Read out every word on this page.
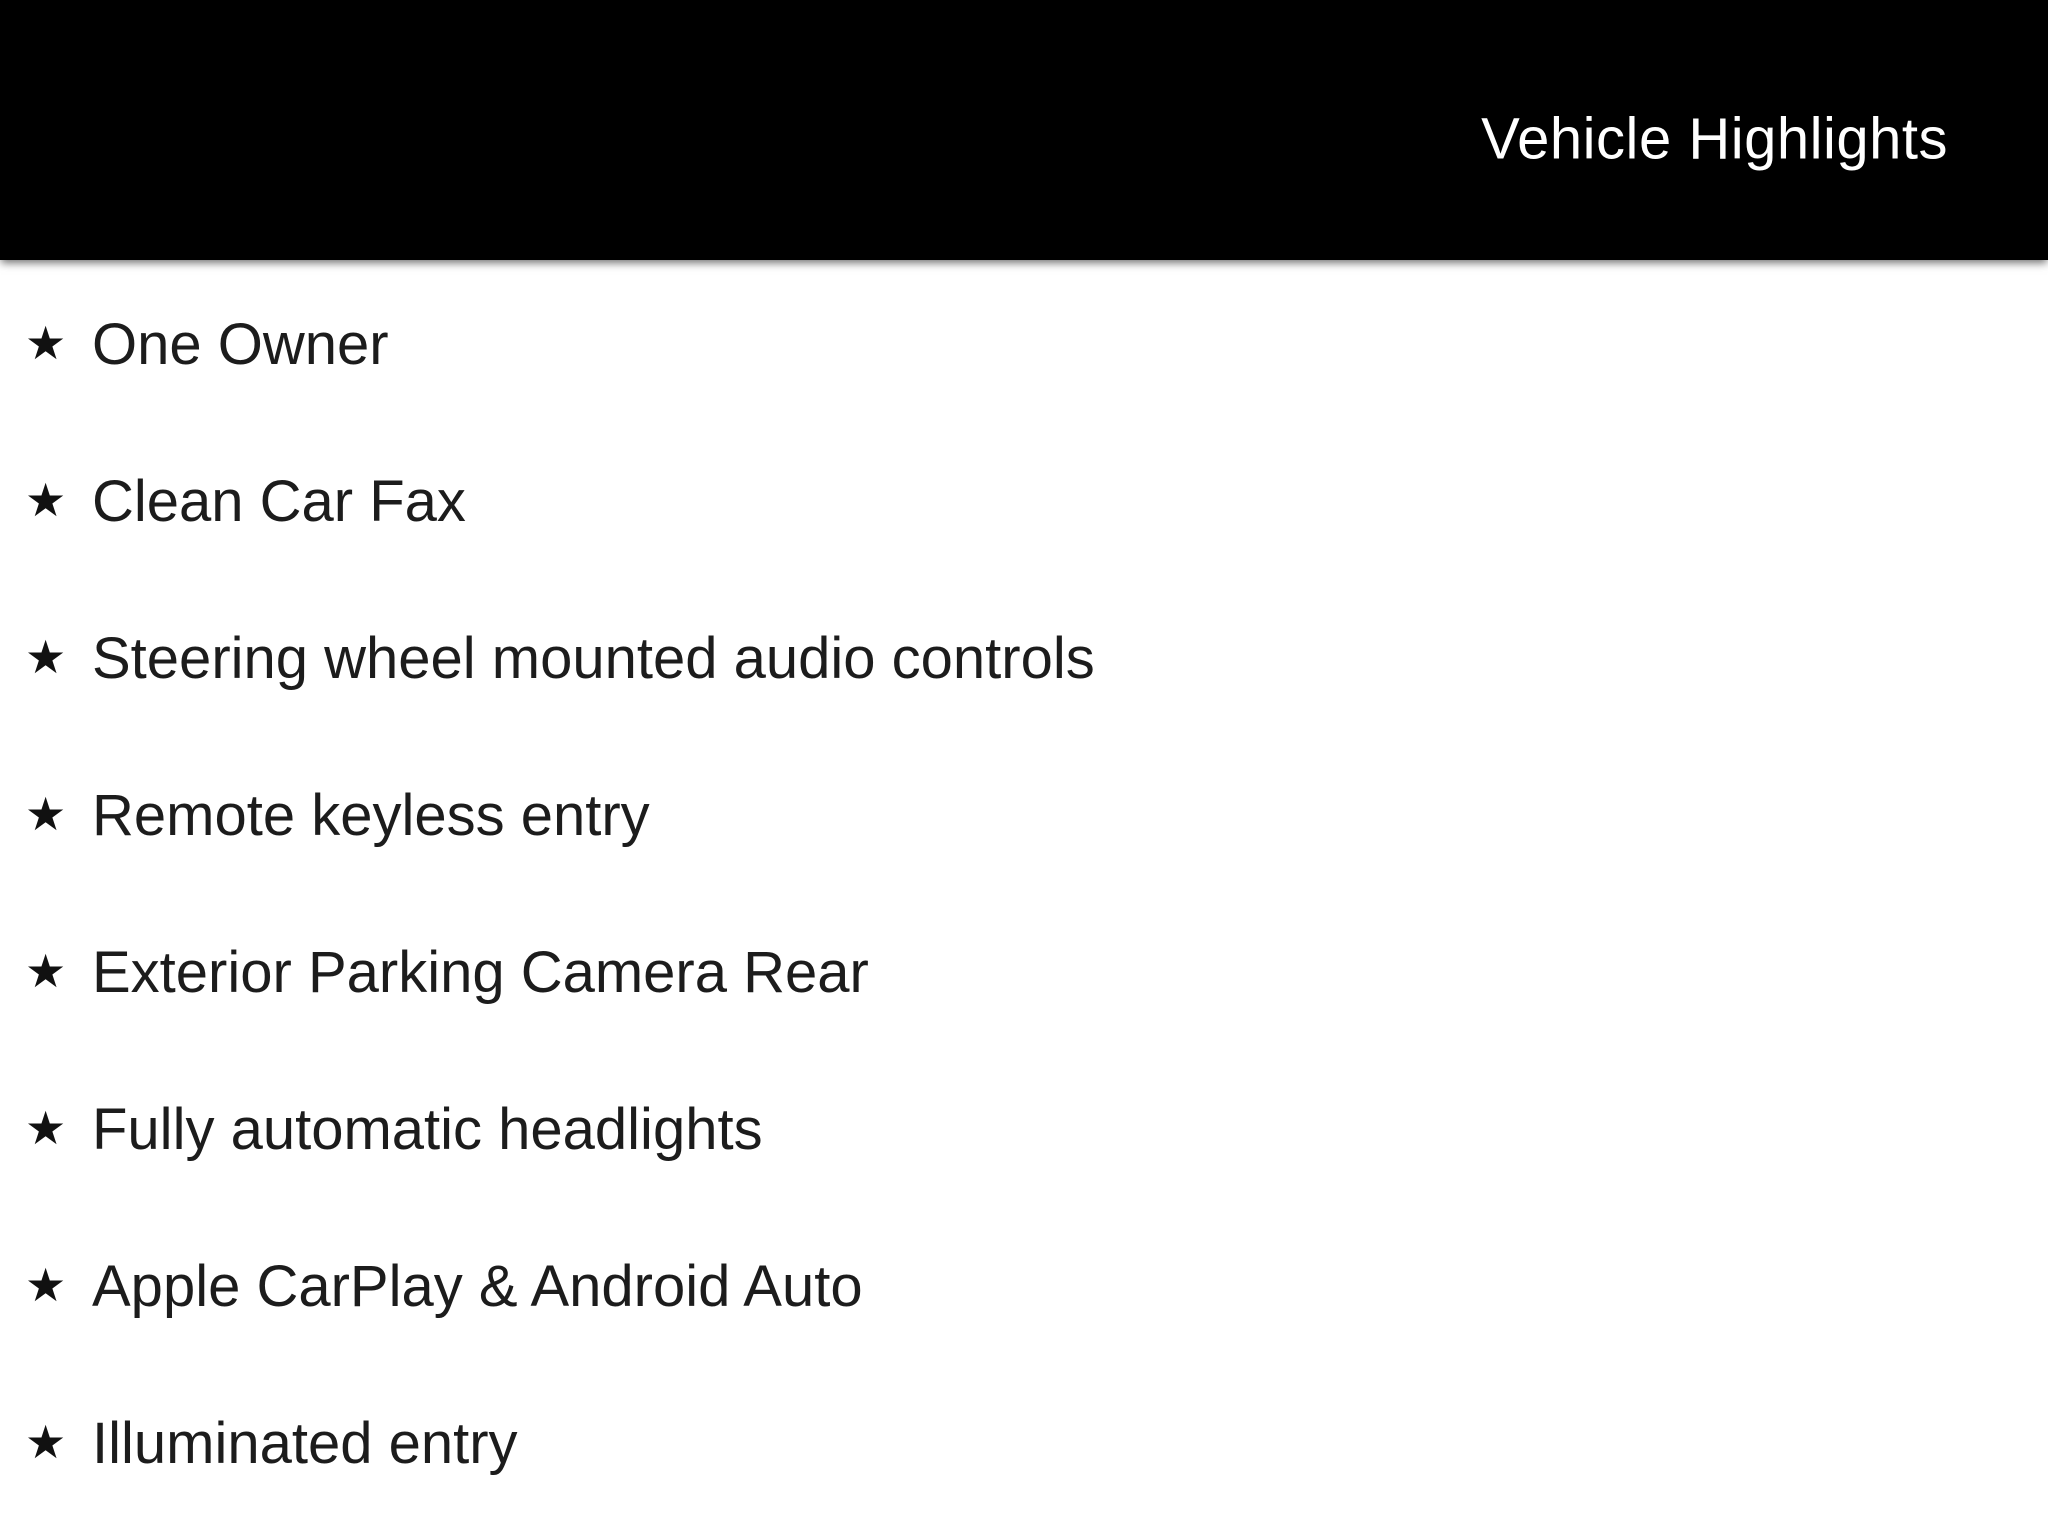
Vehicle Highlights
★ One Owner
★ Clean Car Fax
★ Steering wheel mounted audio controls
★ Remote keyless entry
★ Exterior Parking Camera Rear
★ Fully automatic headlights
★ Apple CarPlay & Android Auto
★ Illuminated entry
